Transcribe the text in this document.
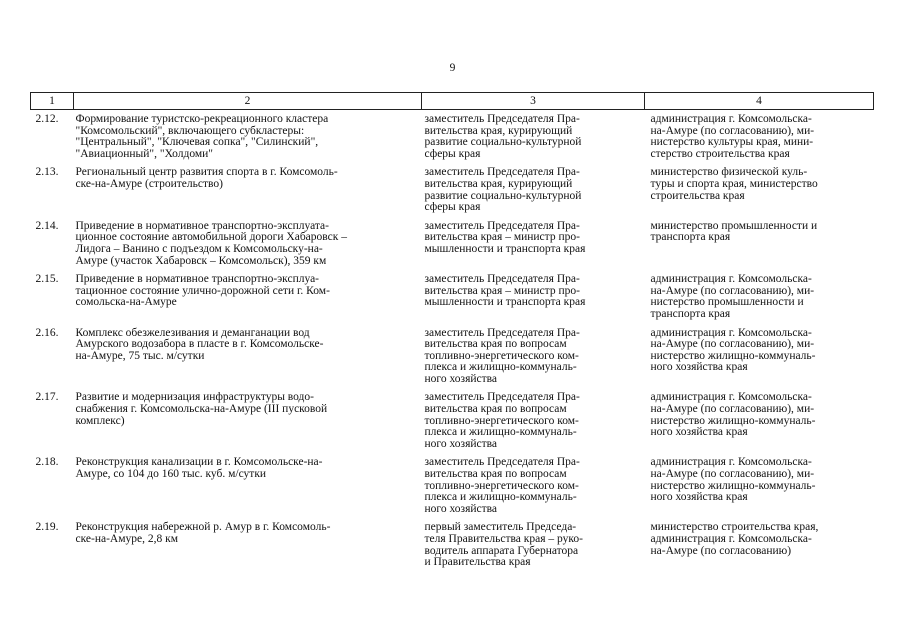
9
1	2	3	4

2.12.	Формирование туристско-рекреационного кластера
"Комсомольский", включающего субкластеры:
"Центральный", "Ключевая сопка", "Силинский",
"Авиационный", "Холдоми"	заместитель Председателя Пра-
вительства края, курирующий
развитие социально-культурной
сферы края	администрация г. Комсомольска-
на-Амуре (по согласованию), ми-
нистерство культуры края, мини-
стерство строительства края

2.13.	Региональный центр развития спорта в г. Комсомоль-
ске-на-Амуре (строительство)	заместитель Председателя Пра-
вительства края, курирующий
развитие социально-культурной
сферы края	министерство физической куль-
туры и спорта края, министерство
строительства края

2.14.	Приведение в нормативное транспортно-эксплуата-
ционное состояние автомобильной дороги Хабаровск –
Лидога – Ванино с подъездом к Комсомольску-на-
Амуре (участок Хабаровск – Комсомольск), 359 км	заместитель Председателя Пра-
вительства края – министр про-
мышленности и транспорта края	министерство промышленности и
транспорта края

2.15.	Приведение в нормативное транспортно-эксплуа-
тационное состояние улично-дорожной сети г. Ком-
сомольска-на-Амуре	заместитель Председателя Пра-
вительства края – министр про-
мышленности и транспорта края	администрация г. Комсомольска-
на-Амуре (по согласованию), ми-
нистерство промышленности и
транспорта края

2.16.	Комплекс обезжелезивания и деманганации вод
Амурского водозабора в пласте в г. Комсомольске-
на-Амуре, 75 тыс. м/сутки	заместитель Председателя Пра-
вительства края по вопросам
топливно-энергетического ком-
плекса и жилищно-коммуналь-
ного хозяйства	администрация г. Комсомольска-
на-Амуре (по согласованию), ми-
нистерство жилищно-коммуналь-
ного хозяйства края

2.17.	Развитие и модернизация инфраструктуры водо-
снабжения г. Комсомольска-на-Амуре (III пусковой
комплекс)	заместитель Председателя Пра-
вительства края по вопросам
топливно-энергетического ком-
плекса и жилищно-коммуналь-
ного хозяйства	администрация г. Комсомольска-
на-Амуре (по согласованию), ми-
нистерство жилищно-коммуналь-
ного хозяйства края

2.18.	Реконструкция канализации в г. Комсомольске-на-
Амуре, со 104 до 160 тыс. куб. м/сутки	заместитель Председателя Пра-
вительства края по вопросам
топливно-энергетического ком-
плекса и жилищно-коммуналь-
ного хозяйства	администрация г. Комсомольска-
на-Амуре (по согласованию), ми-
нистерство жилищно-коммуналь-
ного хозяйства края

2.19.	Реконструкция набережной р. Амур в г. Комсомоль-
ске-на-Амуре, 2,8 км	первый заместитель Председа-
теля Правительства края – руко-
водитель аппарата Губернатора
и Правительства края	министерство строительства края,
администрация г. Комсомольска-
на-Амуре (по согласованию)
